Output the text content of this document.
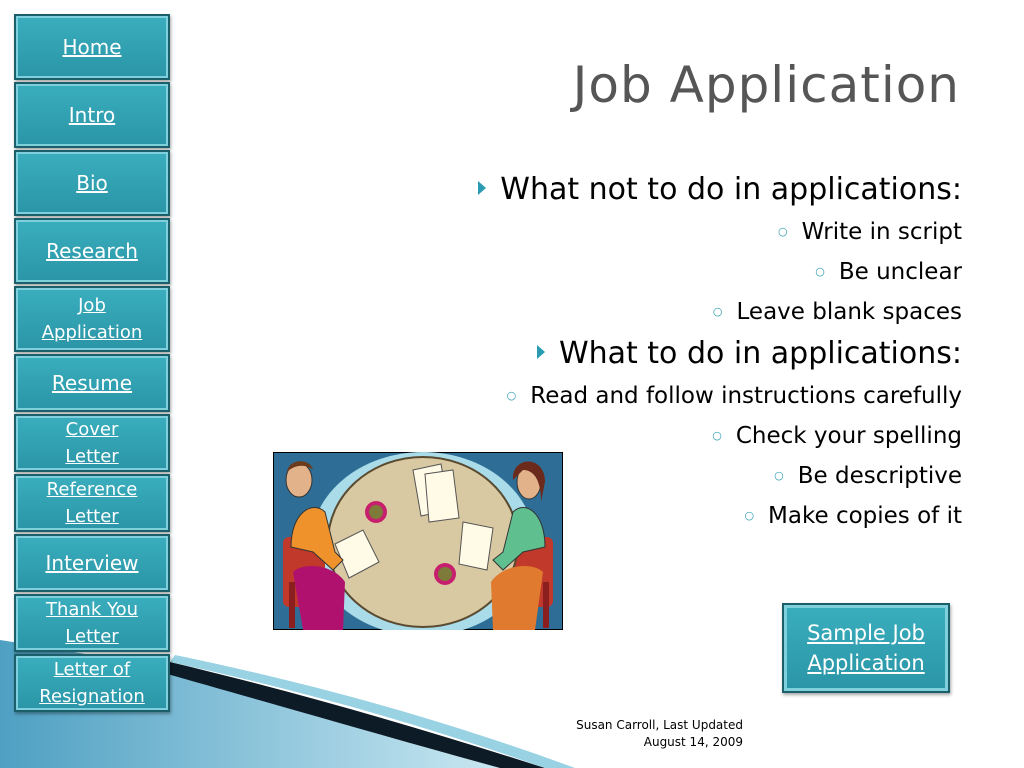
Home
Intro
Bio
Research
Job Application
Resume
Cover Letter
Reference Letter
Interview
Thank You Letter
Letter of Resignation
Job Application
What not to do in applications:
○ Write in script
○ Be unclear
○ Leave blank spaces
What to do in applications:
○ Read and follow instructions carefully
○ Check your spelling
○ Be descriptive
○ Make copies of it
Sample Job Application
Susan Carroll, Last Updated
August 14, 2009
